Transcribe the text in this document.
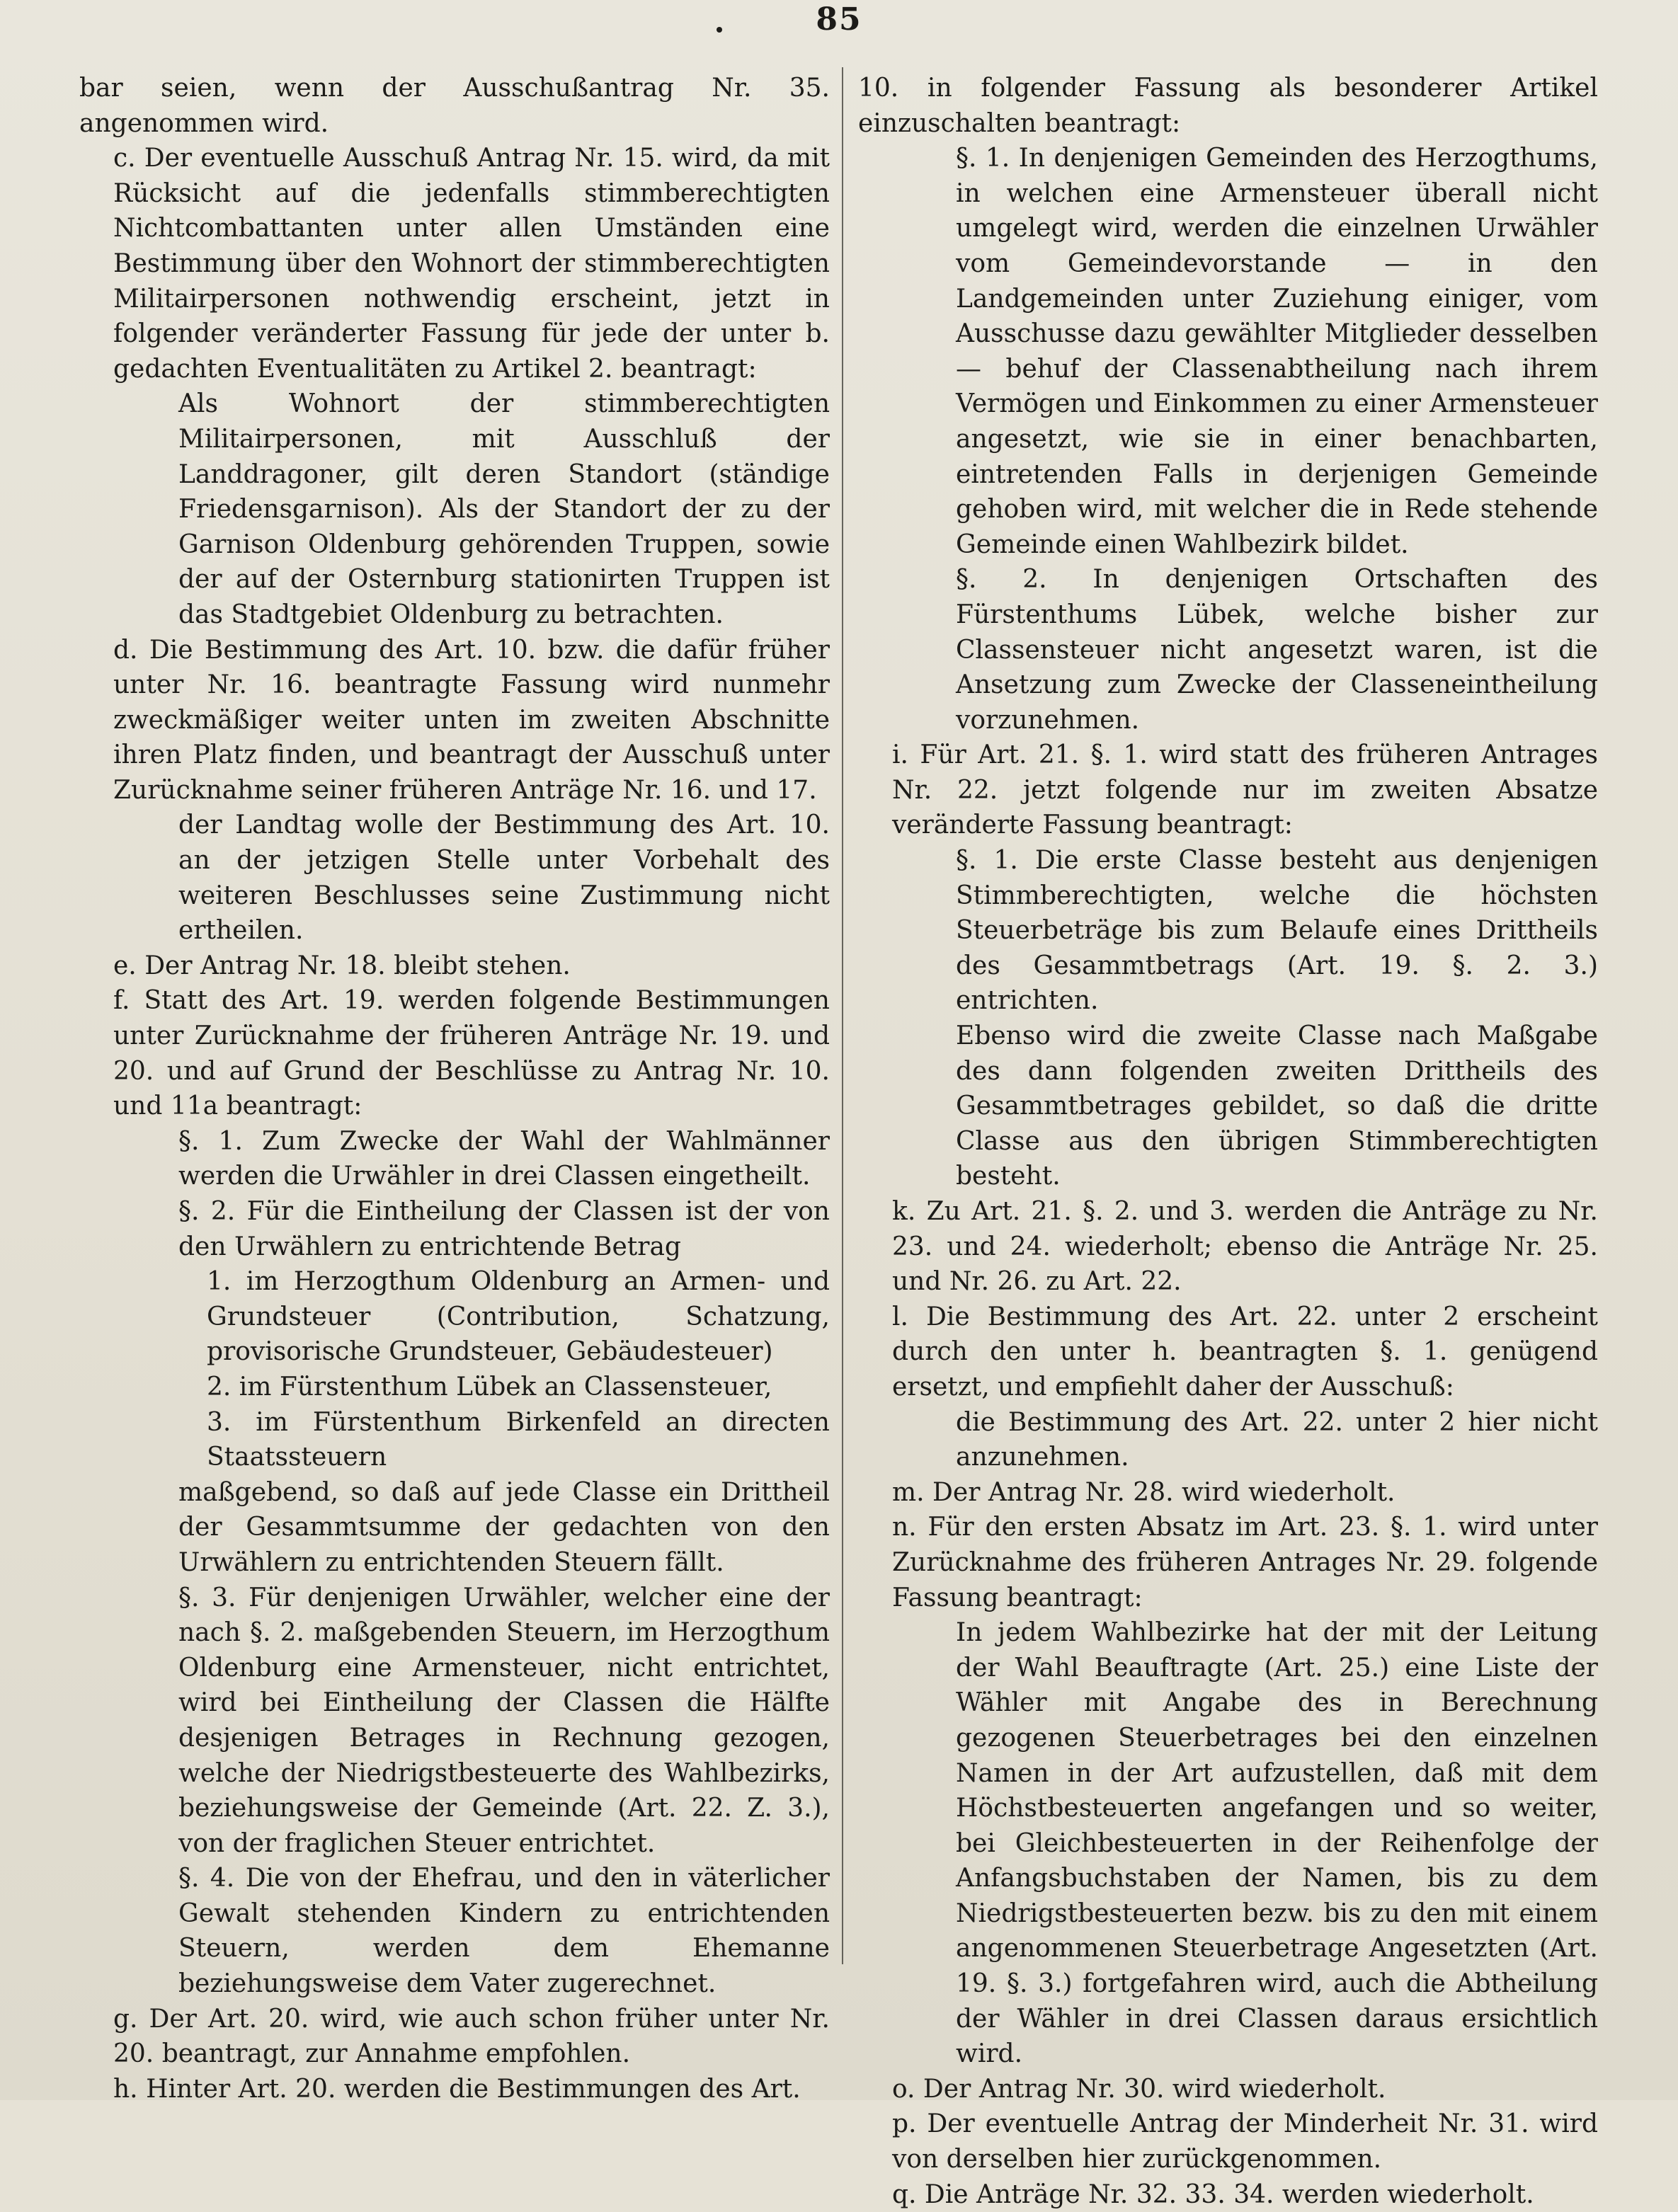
85

bar seien, wenn der Ausschußantrag Nr. 35. angenommen wird.

c. Der eventuelle Ausschuß Antrag Nr. 15. wird, da mit Rücksicht auf die jedenfalls stimmberechtigten Nichtcombattanten unter allen Umständen eine Bestimmung über den Wohnort der stimmberechtigten Militairpersonen nothwendig erscheint, jetzt in folgender veränderter Fassung für jede der unter b. gedachten Eventualitäten zu Artikel 2. beantragt:

Als Wohnort der stimmberechtigten Militairpersonen, mit Ausschluß der Landdragoner, gilt deren Standort (ständige Friedensgarnison). Als der Standort der zu der Garnison Oldenburg gehörenden Truppen, sowie der auf der Osternburg stationirten Truppen ist das Stadtgebiet Oldenburg zu betrachten.

d. Die Bestimmung des Art. 10. bzw. die dafür früher unter Nr. 16. beantragte Fassung wird nunmehr zweckmäßiger weiter unten im zweiten Abschnitte ihren Platz finden, und beantragt der Ausschuß unter Zurücknahme seiner früheren Anträge Nr. 16. und 17.

der Landtag wolle der Bestimmung des Art. 10. an der jetzigen Stelle unter Vorbehalt des weiteren Beschlusses seine Zustimmung nicht ertheilen.

e. Der Antrag Nr. 18. bleibt stehen.

f. Statt des Art. 19. werden folgende Bestimmungen unter Zurücknahme der früheren Anträge Nr. 19. und 20. und auf Grund der Beschlüsse zu Antrag Nr. 10. und 11a beantragt:

§. 1. Zum Zwecke der Wahl der Wahlmänner werden die Urwähler in drei Classen eingetheilt.

§. 2. Für die Eintheilung der Classen ist der von den Urwählern zu entrichtende Betrag

1. im Herzogthum Oldenburg an Armen- und Grundsteuer (Contribution, Schatzung, provisorische Grundsteuer, Gebäudesteuer)

2. im Fürstenthum Lübek an Classensteuer,

3. im Fürstenthum Birkenfeld an directen Staatssteuern

maßgebend, so daß auf jede Classe ein Drittheil der Gesammtsumme der gedachten von den Urwählern zu entrichtenden Steuern fällt.

§. 3. Für denjenigen Urwähler, welcher eine der nach §. 2. maßgebenden Steuern, im Herzogthum Oldenburg eine Armensteuer, nicht entrichtet, wird bei Eintheilung der Classen die Hälfte desjenigen Betrages in Rechnung gezogen, welche der Niedrigstbesteuerte des Wahlbezirks, beziehungsweise der Gemeinde (Art. 22. Z. 3.), von der fraglichen Steuer entrichtet.

§. 4. Die von der Ehefrau, und den in väterlicher Gewalt stehenden Kindern zu entrichtenden Steuern, werden dem Ehemanne beziehungsweise dem Vater zugerechnet.

g. Der Art. 20. wird, wie auch schon früher unter Nr. 20. beantragt, zur Annahme empfohlen.

h. Hinter Art. 20. werden die Bestimmungen des Art.

10. in folgender Fassung als besonderer Artikel einzuschalten beantragt:

§. 1. In denjenigen Gemeinden des Herzogthums, in welchen eine Armensteuer überall nicht umgelegt wird, werden die einzelnen Urwähler vom Gemeindevorstande — in den Landgemeinden unter Zuziehung einiger, vom Ausschusse dazu gewählter Mitglieder desselben — behuf der Classenabtheilung nach ihrem Vermögen und Einkommen zu einer Armensteuer angesetzt, wie sie in einer benachbarten, eintretenden Falls in derjenigen Gemeinde gehoben wird, mit welcher die in Rede stehende Gemeinde einen Wahlbezirk bildet.

§. 2. In denjenigen Ortschaften des Fürstenthums Lübek, welche bisher zur Classensteuer nicht angesetzt waren, ist die Ansetzung zum Zwecke der Classeneintheilung vorzunehmen.

i. Für Art. 21. §. 1. wird statt des früheren Antrages Nr. 22. jetzt folgende nur im zweiten Absatze veränderte Fassung beantragt:

§. 1. Die erste Classe besteht aus denjenigen Stimmberechtigten, welche die höchsten Steuerbeträge bis zum Belaufe eines Drittheils des Gesammtbetrags (Art. 19. §. 2. 3.) entrichten.

Ebenso wird die zweite Classe nach Maßgabe des dann folgenden zweiten Drittheils des Gesammtbetrages gebildet, so daß die dritte Classe aus den übrigen Stimmberechtigten besteht.

k. Zu Art. 21. §. 2. und 3. werden die Anträge zu Nr. 23. und 24. wiederholt; ebenso die Anträge Nr. 25. und Nr. 26. zu Art. 22.

l. Die Bestimmung des Art. 22. unter 2 erscheint durch den unter h. beantragten §. 1. genügend ersetzt, und empfiehlt daher der Ausschuß:

die Bestimmung des Art. 22. unter 2 hier nicht anzunehmen.

m. Der Antrag Nr. 28. wird wiederholt.

n. Für den ersten Absatz im Art. 23. §. 1. wird unter Zurücknahme des früheren Antrages Nr. 29. folgende Fassung beantragt:

In jedem Wahlbezirke hat der mit der Leitung der Wahl Beauftragte (Art. 25.) eine Liste der Wähler mit Angabe des in Berechnung gezogenen Steuerbetrages bei den einzelnen Namen in der Art aufzustellen, daß mit dem Höchstbesteuerten angefangen und so weiter, bei Gleichbesteuerten in der Reihenfolge der Anfangsbuchstaben der Namen, bis zu dem Niedrigstbesteuerten bezw. bis zu den mit einem angenommenen Steuerbetrage Angesetzten (Art. 19. §. 3.) fortgefahren wird, auch die Abtheilung der Wähler in drei Classen daraus ersichtlich wird.

o. Der Antrag Nr. 30. wird wiederholt.

p. Der eventuelle Antrag der Minderheit Nr. 31. wird von derselben hier zurückgenommen.

q. Die Anträge Nr. 32. 33. 34. werden wiederholt.
